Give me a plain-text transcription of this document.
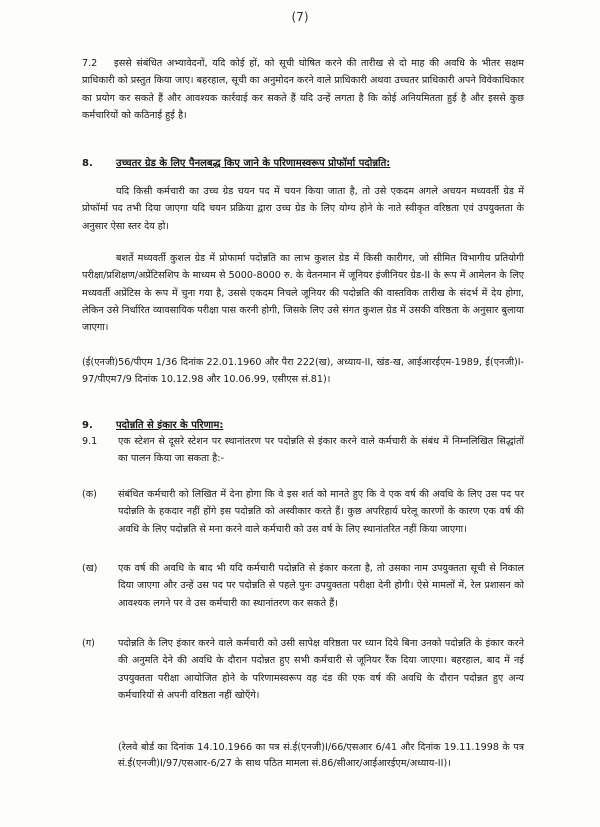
(7)
7.2	इससे संबंधित अभ्यावेदनों, यदि कोई हों, को सूची घोषित करने की तारीख से दो माह की अवधि के भीतर सक्षम प्राधिकारी को प्रस्तुत किया जाए। बहरहाल, सूची का अनुमोदन करने वाले प्राधिकारी अथवा उच्चतर प्राधिकारी अपने विवेकाधिकार का प्रयोग कर सकते हैं और आवश्यक कार्रवाई कर सकते हैं यदि उन्हें लगता है कि कोई अनियमितता हुई है और इससे कुछ कर्मचारियों को कठिनाई हुई है।

8. उच्चतर ग्रेड के लिए पैनलबद्ध किए जाने के परिणामस्वरूप प्रोफॉर्मा पदोन्नति:

यदि किसी कर्मचारी का उच्च ग्रेड चयन पद में चयन किया जाता है, तो उसे एकदम अगले अचयन मध्यवर्ती ग्रेड में प्रोफॉर्मा पद तभी दिया जाएगा यदि चयन प्रक्रिया द्वारा उच्च ग्रेड के लिए योग्य होने के नाते स्वीकृत वरिष्ठता एवं उपयुक्तता के अनुसार ऐसा स्तर देय हो।

बशर्ते मध्यवर्ती कुशल ग्रेड में प्रोफार्मा पदोन्नति का लाभ कुशल ग्रेड में किसी कारीगर, जो सीमित विभागीय प्रतियोगी परीक्षा/प्रशिक्षण/अप्रेंटिसशिप के माध्यम से 5000-8000 रु. के वेतनमान में जूनियर इंजीनियर ग्रेड-II के रूप में आमेलन के लिए मध्यवर्ती अप्रेंटिस के रूप में चुना गया है, उससे एकदम निचले जूनियर की पदोन्नति की वास्तविक तारीख के संदर्भ में देय होगा, लेकिन उसे निर्धारित व्यावसायिक परीक्षा पास करनी होगी, जिसके लिए उसे संगत कुशल ग्रेड में उसकी वरिष्ठता के अनुसार बुलाया जाएगा।

(ई(एनजी)56/पीएम 1/36 दिनांक 22.01.1960 और पैरा 222(ख), अध्याय-II, खंड-ख, आईआरईएम-1989, ई(एनजी)I-97/पीएम7/9 दिनांक 10.12.98 और 10.06.99, एसीएस सं.81)।

9. पदोन्नति से इंकार के परिणाम:
9.1 एक स्टेशन से दूसरे स्टेशन पर स्थानांतरण पर पदोन्नति से इंकार करने वाले कर्मचारी के संबंध में निम्नलिखित सिद्धांतों का पालन किया जा सकता है:-

(क) संबंधित कर्मचारी को लिखित में देना होगा कि वे इस शर्त को मानते हुए कि वे एक वर्ष की अवधि के लिए उस पद पर पदोन्नति के हकदार नहीं होंगे इस पदोन्नति को अस्वीकार करते हैं। कुछ अपरिहार्य घरेलू कारणों के कारण एक वर्ष की अवधि के लिए पदोन्नति से मना करने वाले कर्मचारी को उस वर्ष के लिए स्थानांतरित नहीं किया जाएगा।

(ख) एक वर्ष की अवधि के बाद भी यदि कर्मचारी पदोन्नति से इंकार करता है, तो उसका नाम उपयुक्तता सूची से निकाल दिया जाएगा और उन्हें उस पद पर पदोन्नति से पहले पुनः उपयुक्तता परीक्षा देनी होगी। ऐसे मामलों में, रेल प्रशासन को आवश्यक लगने पर वे उस कर्मचारी का स्थानांतरण कर सकते हैं।

(ग) पदोन्नति के लिए इंकार करने वाले कर्मचारी को उसी सापेक्ष वरिष्ठता पर ध्यान दिये बिना उनको पदोन्नति के इंकार करने की अनुमति देने की अवधि के दौरान पदोन्नत हुए सभी कर्मचारी से जूनियर रैंक दिया जाएगा। बहरहाल, बाद में नई उपयुक्तता परीक्षा आयोजित होने के परिणामस्वरूप वह दंड की एक वर्ष की अवधि के दौरान पदोन्नत हुए अन्य कर्मचारियों से अपनी वरिष्ठता नहीं खोएँगे।

(रेलवे बोर्ड का दिनांक 14.10.1966 का पत्र सं.ई(एनजी)I/66/एसआर 6/41 और दिनांक 19.11.1998 के पत्र सं.ई(एनजी)I/97/एसआर-6/27 के साथ पठित मामला सं.86/सीआर/आईआरईएम/अध्याय-II)।
